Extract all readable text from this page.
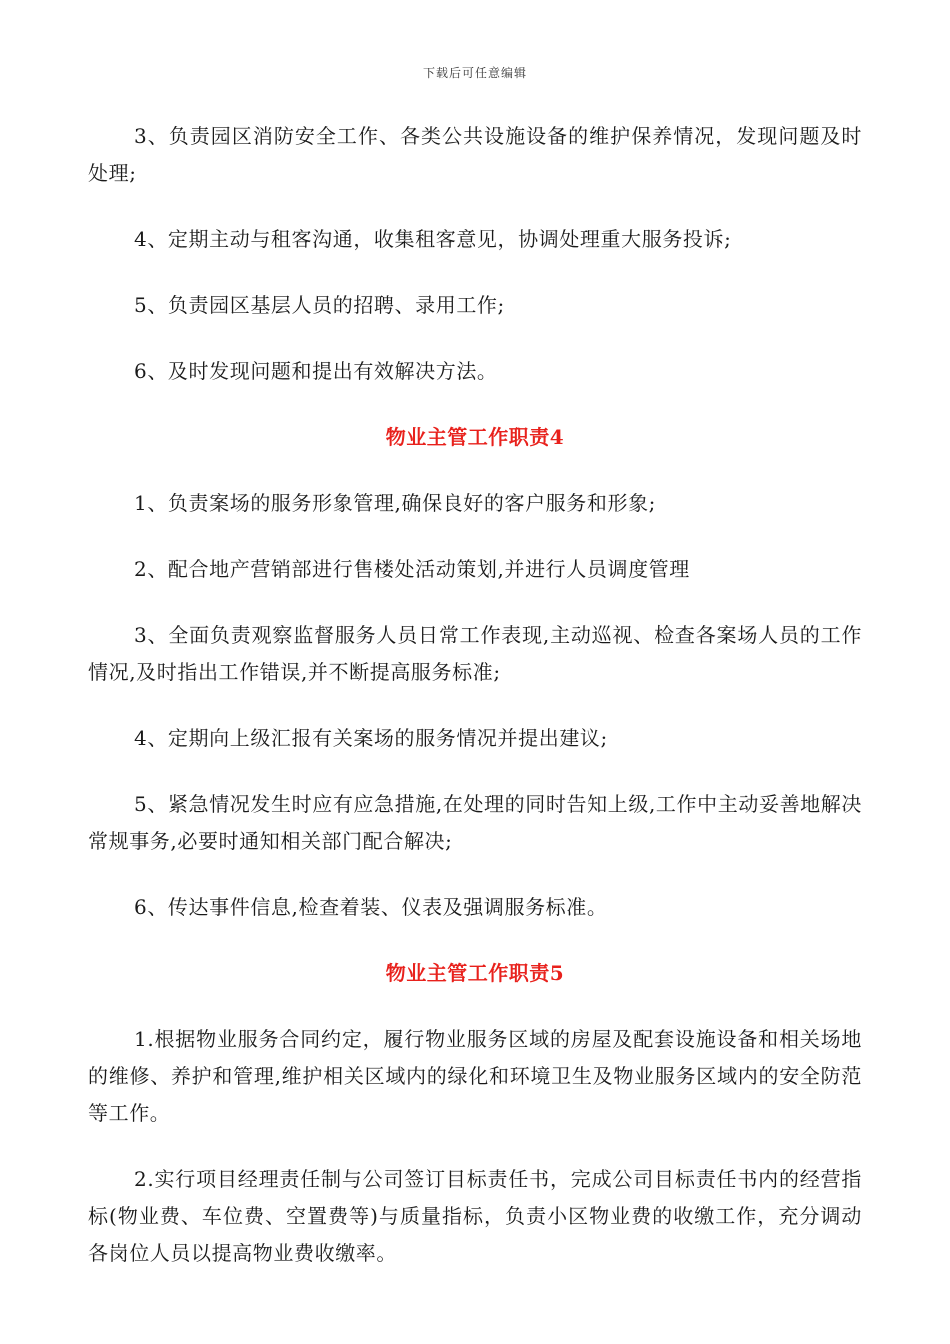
下载后可任意编辑

3、负责园区消防安全工作、各类公共设施设备的维护保养情况，发现问题及时处理;

4、定期主动与租客沟通，收集租客意见，协调处理重大服务投诉;

5、负责园区基层人员的招聘、录用工作;

6、及时发现问题和提出有效解决方法。

物业主管工作职责4

1、负责案场的服务形象管理,确保良好的客户服务和形象;

2、配合地产营销部进行售楼处活动策划,并进行人员调度管理

3、全面负责观察监督服务人员日常工作表现,主动巡视、检查各案场人员的工作情况,及时指出工作错误,并不断提高服务标准;

4、定期向上级汇报有关案场的服务情况并提出建议;

5、紧急情况发生时应有应急措施,在处理的同时告知上级,工作中主动妥善地解决常规事务,必要时通知相关部门配合解决;

6、传达事件信息,检查着装、仪表及强调服务标准。

物业主管工作职责5

1.根据物业服务合同约定，履行物业服务区域的房屋及配套设施设备和相关场地的维修、养护和管理,维护相关区域内的绿化和环境卫生及物业服务区域内的安全防范等工作。

2.实行项目经理责任制与公司签订目标责任书，完成公司目标责任书内的经营指标(物业费、车位费、空置费等)与质量指标，负责小区物业费的收缴工作，充分调动各岗位人员以提高物业费收缴率。
